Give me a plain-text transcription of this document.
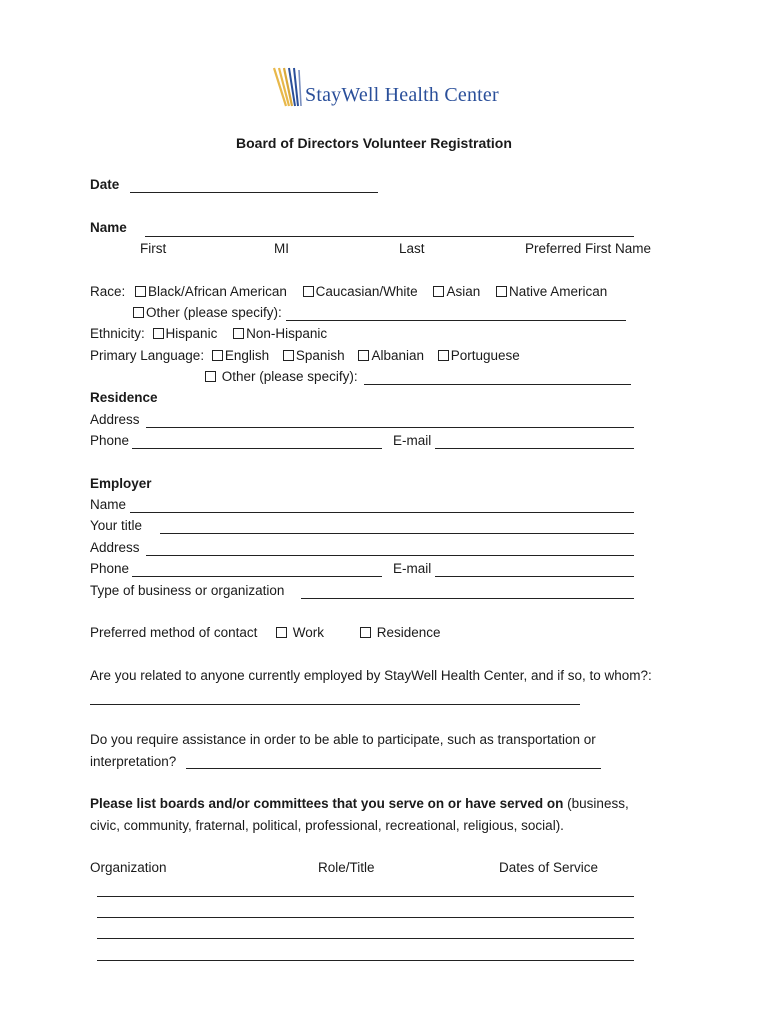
StayWell Health Center
Board of Directors Volunteer Registration
Date
Name
First	MI	Last	Preferred First Name
Race: Black/African American Caucasian/White Asian Native American
Other (please specify):
Ethnicity: Hispanic Non-Hispanic
Primary Language: English Spanish Albanian Portuguese
Other (please specify):
Residence
Address
Phone	E-mail
Employer
Name
Your title
Address
Phone	E-mail
Type of business or organization
Preferred method of contact	Work	Residence
Are you related to anyone currently employed by StayWell Health Center, and if so, to whom?:
Do you require assistance in order to be able to participate, such as transportation or
interpretation?
Please list boards and/or committees that you serve on or have served on (business,
civic, community, fraternal, political, professional, recreational, religious, social).
Organization	Role/Title	Dates of Service
